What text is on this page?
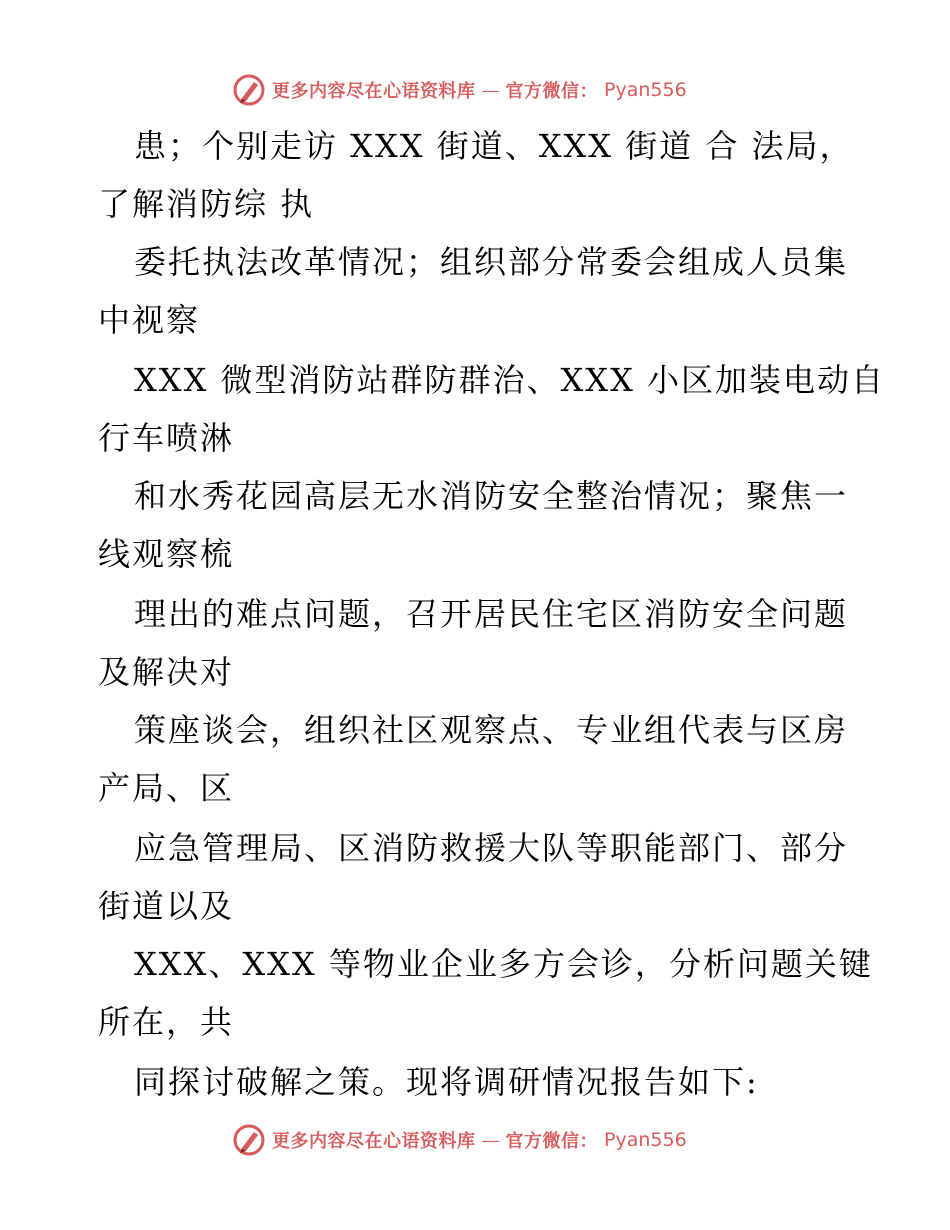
更多内容尽在心语资料库 — 官方微信： Pyan556
患；个别走访 XXX 街道、XXX 街道 合 法局，
了解消防综 执
委托执法改革情况；组织部分常委会组成人员集
中视察
XXX 微型消防站群防群治、XXX 小区加装电动自
行车喷淋
和水秀花园高层无水消防安全整治情况；聚焦一
线观察梳
理出的难点问题，召开居民住宅区消防安全问题
及解决对
策座谈会，组织社区观察点、专业组代表与区房
产局、区
应急管理局、区消防救援大队等职能部门、部分
街道以及
XXX、XXX 等物业企业多方会诊，分析问题关键
所在，共
同探讨破解之策。现将调研情况报告如下:
更多内容尽在心语资料库 — 官方微信： Pyan556
